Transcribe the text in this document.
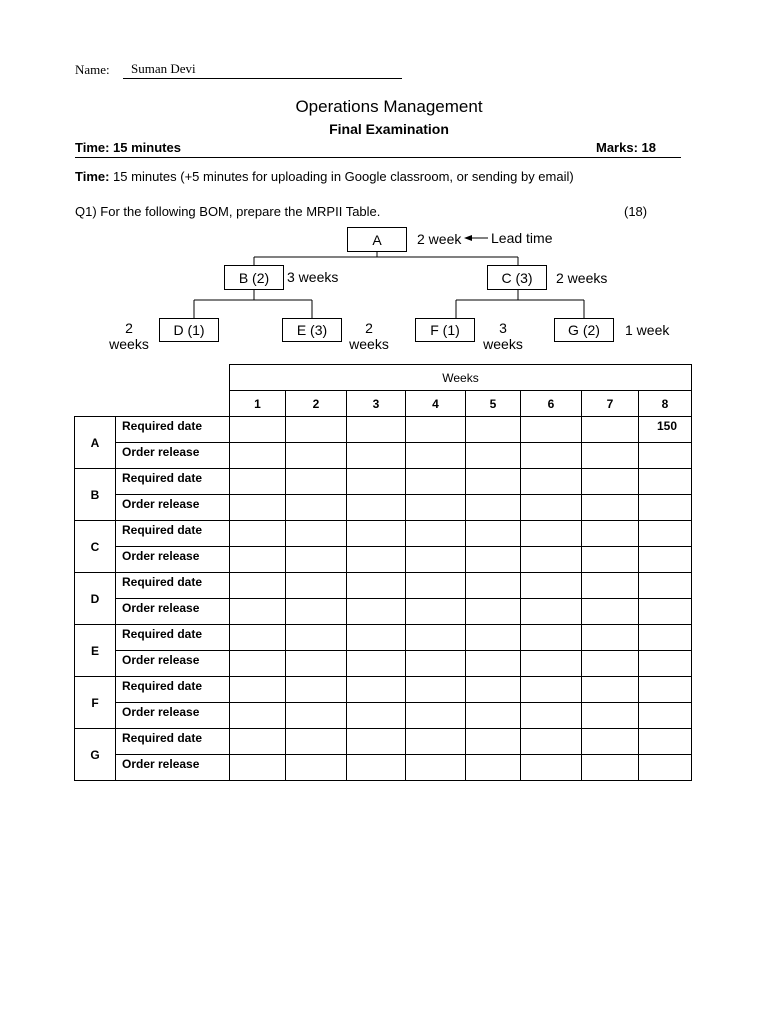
Name: Suman Devi
Operations Management
Final Examination
Time: 15 minutes	Marks: 18
Time: 15 minutes (+5 minutes for uploading in Google classroom, or sending by email)
Q1) For the following BOM, prepare the MRPII Table.	(18)
A	2 week Lead time
B (2) 3 weeks	C (3) 2 weeks
D (1)
2
weeks
E (3)	2
weeks
F (1)	3
weeks
G (2) 1 week
		Weeks							
		1	2	3	4	5	6	7	8
A	Required date								150
	Order release								
B	Required date								
	Order release								
C	Required date								
	Order release								
D	Required date								
	Order release								
E	Required date								
	Order release								
F	Required date								
	Order release								
G	Required date								
	Order release								
